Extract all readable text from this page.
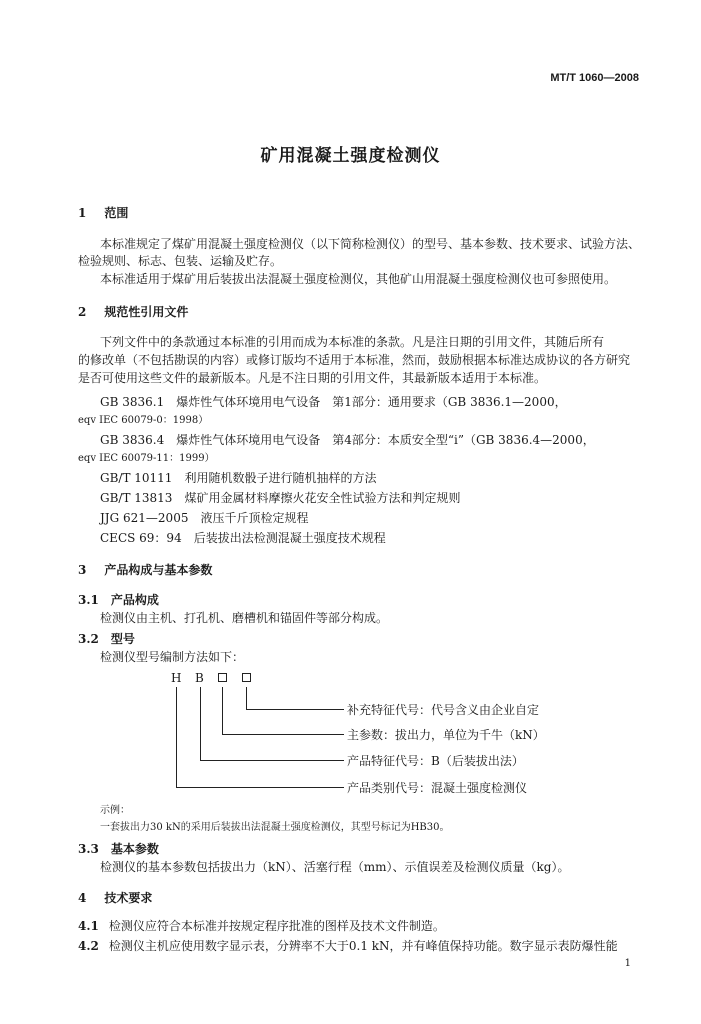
MT/T 1060—2008
矿用混凝土强度检测仪
1 范围
本标准规定了煤矿用混凝土强度检测仪（以下简称检测仪）的型号、基本参数、技术要求、试验方法、
检验规则、标志、包装、运输及贮存。
本标准适用于煤矿用后装拔出法混凝土强度检测仪，其他矿山用混凝土强度检测仪也可参照使用。
2 规范性引用文件
下列文件中的条款通过本标准的引用而成为本标准的条款。凡是注日期的引用文件，其随后所有
的修改单（不包括勘误的内容）或修订版均不适用于本标准，然而，鼓励根据本标准达成协议的各方研究
是否可使用这些文件的最新版本。凡是不注日期的引用文件，其最新版本适用于本标准。
GB 3836.1　爆炸性气体环境用电气设备　第1部分：通用要求（GB 3836.1—2000，
eqv IEC 60079-0：1998）
GB 3836.4　爆炸性气体环境用电气设备　第4部分：本质安全型“i”（GB 3836.4—2000，
eqv IEC 60079-11：1999）
GB/T 10111　利用随机数骰子进行随机抽样的方法
GB/T 13813　煤矿用金属材料摩擦火花安全性试验方法和判定规则
JJG 621—2005　液压千斤顶检定规程
CECS 69：94　后装拔出法检测混凝土强度技术规程
3 产品构成与基本参数
3.1 产品构成
检测仪由主机、打孔机、磨槽机和锚固件等部分构成。
3.2 型号
检测仪型号编制方法如下：
H B
补充特征代号：代号含义由企业自定
主参数：拔出力，单位为千牛（kN）
产品特征代号：B（后装拔出法）
产品类别代号：混凝土强度检测仪
示例：
一套拔出力30 kN的采用后装拔出法混凝土强度检测仪，其型号标记为HB30。
3.3 基本参数
检测仪的基本参数包括拔出力（kN）、活塞行程（mm）、示值误差及检测仪质量（kg）。
4 技术要求
4.1 检测仪应符合本标准并按规定程序批准的图样及技术文件制造。
4.2 检测仪主机应使用数字显示表，分辨率不大于0.1 kN，并有峰值保持功能。数字显示表防爆性能
1
